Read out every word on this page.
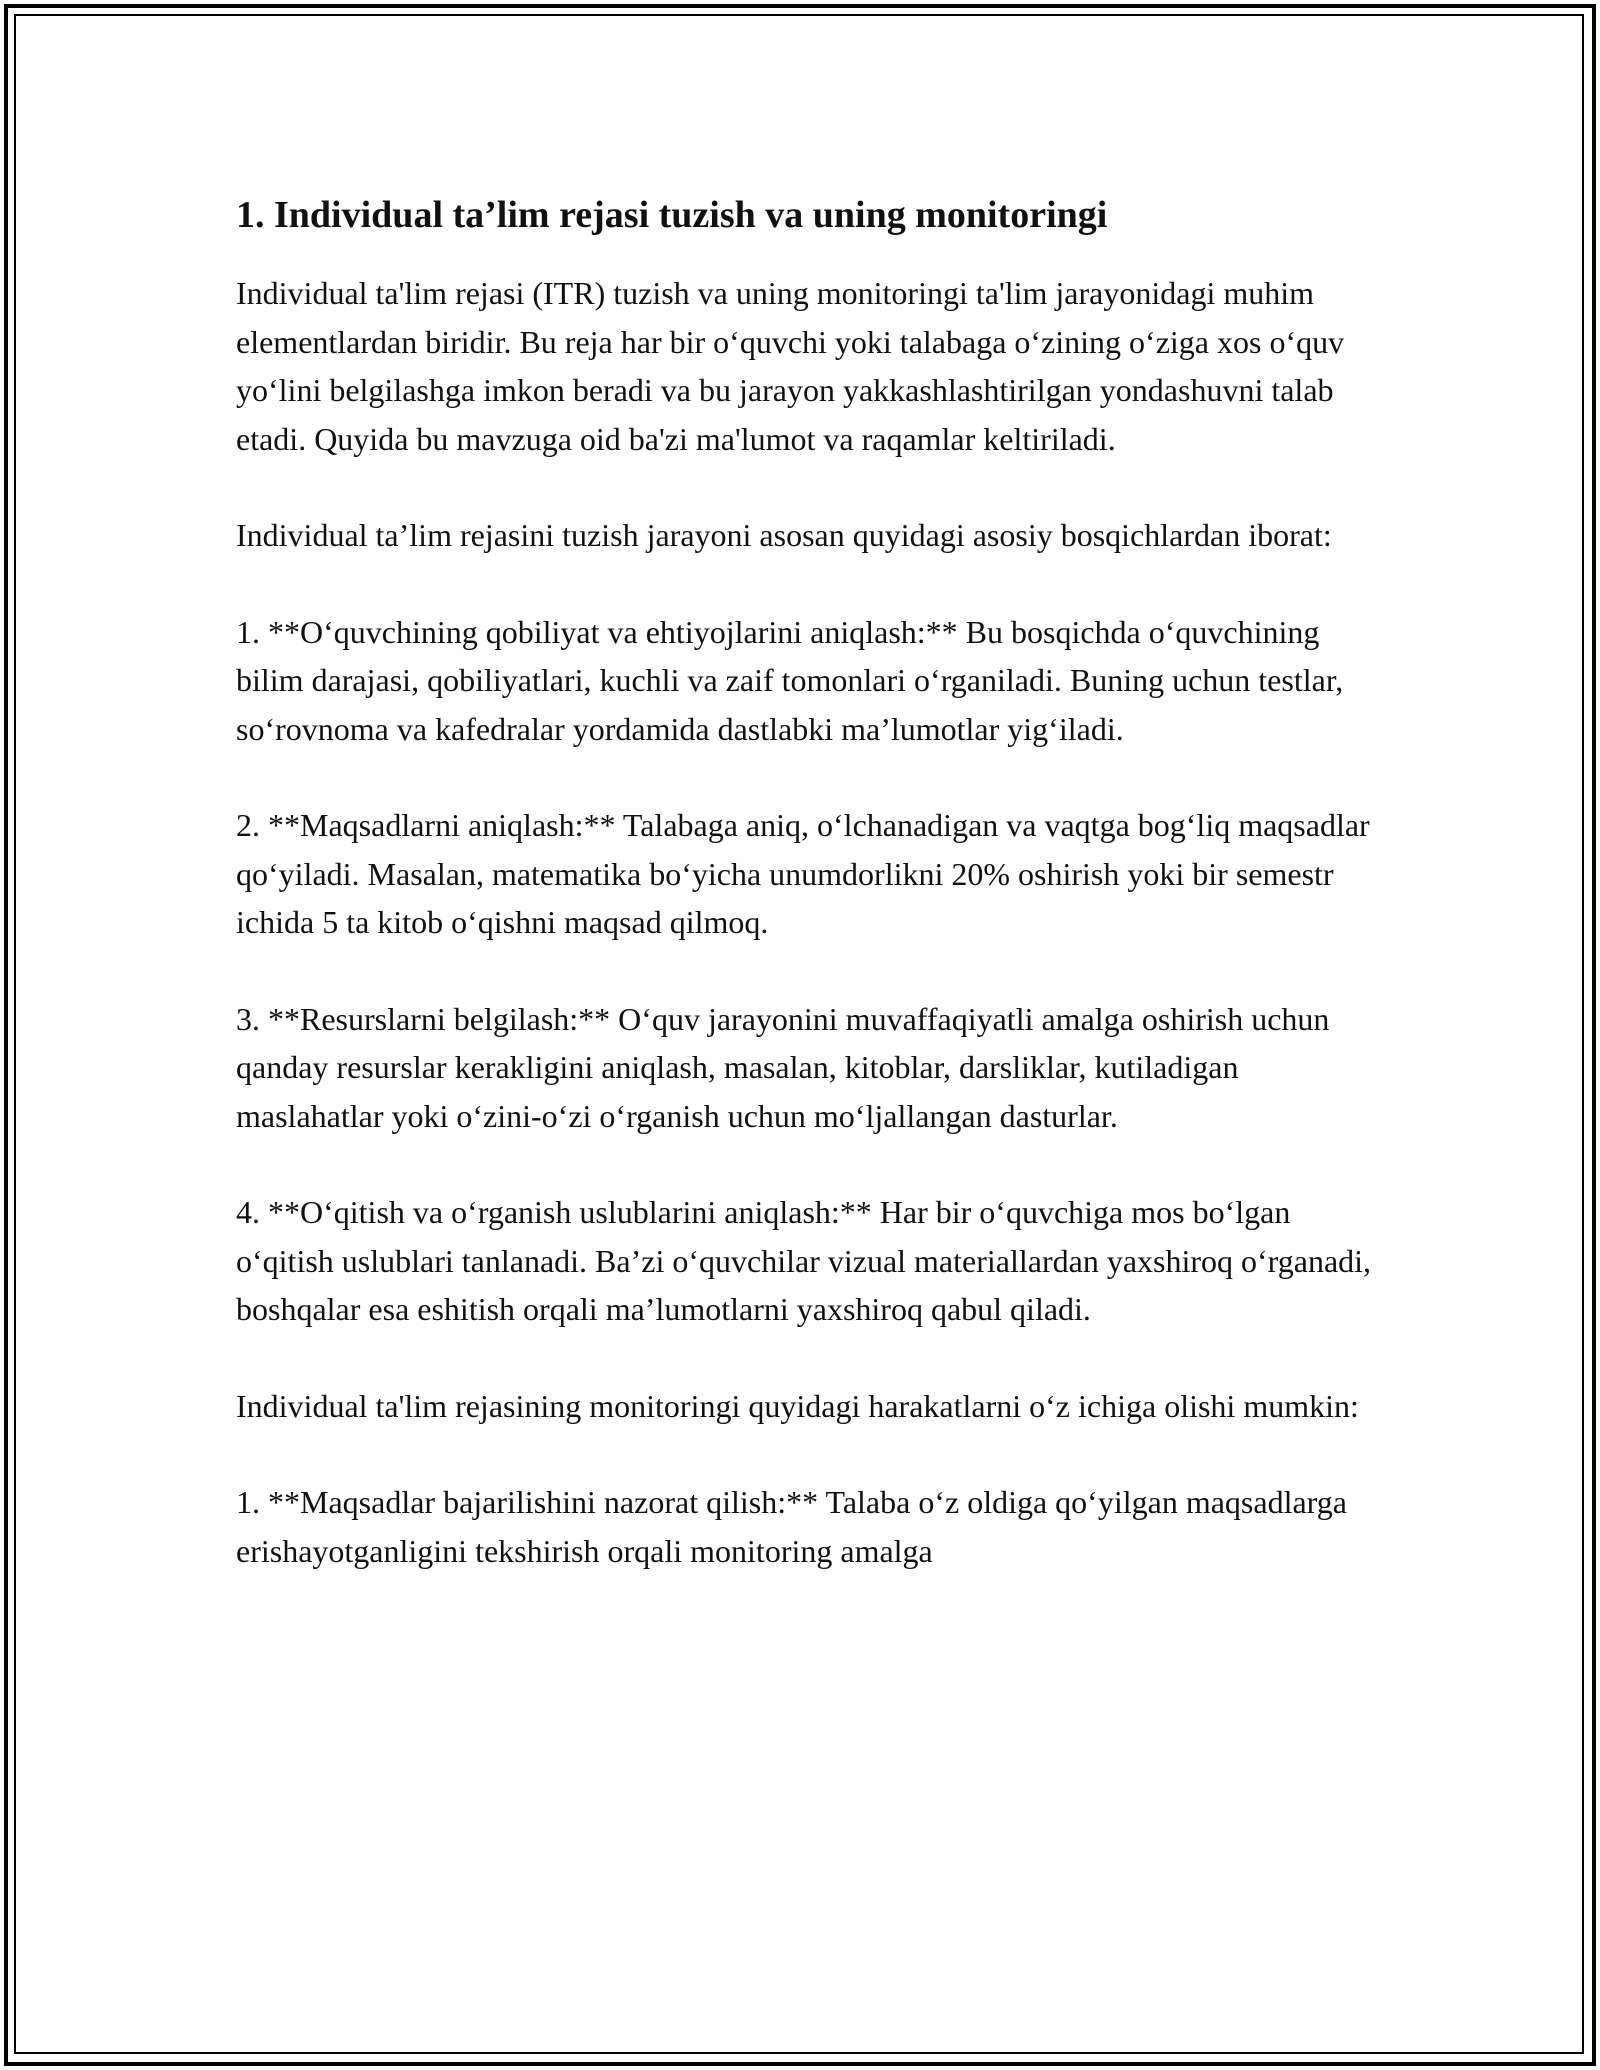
1. Individual ta’lim rejasi tuzish va uning monitoringi

Individual ta'lim rejasi (ITR) tuzish va uning monitoringi ta'lim jarayonidagi muhim elementlardan biridir. Bu reja har bir o‘quvchi yoki talabaga o‘zining o‘ziga xos o‘quv yo‘lini belgilashga imkon beradi va bu jarayon yakkashlashtirilgan yondashuvni talab etadi. Quyida bu mavzuga oid ba'zi ma'lumot va raqamlar keltiriladi.

Individual ta’lim rejasini tuzish jarayoni asosan quyidagi asosiy bosqichlardan iborat:

1. **O‘quvchining qobiliyat va ehtiyojlarini aniqlash:** Bu bosqichda o‘quvchining bilim darajasi, qobiliyatlari, kuchli va zaif tomonlari o‘rganiladi. Buning uchun testlar, so‘rovnoma va kafedralar yordamida dastlabki ma’lumotlar yig‘iladi.

2. **Maqsadlarni aniqlash:** Talabaga aniq, o‘lchanadigan va vaqtga bog‘liq maqsadlar qo‘yiladi. Masalan, matematika bo‘yicha unumdorlikni 20% oshirish yoki bir semestr ichida 5 ta kitob o‘qishni maqsad qilmoq.

3. **Resurslarni belgilash:** O‘quv jarayonini muvaffaqiyatli amalga oshirish uchun qanday resurslar kerakligini aniqlash, masalan, kitoblar, darsliklar, kutiladigan maslahatlar yoki o‘zini-o‘zi o‘rganish uchun mo‘ljallangan dasturlar.

4. **O‘qitish va o‘rganish uslublarini aniqlash:** Har bir o‘quvchiga mos bo‘lgan o‘qitish uslublari tanlanadi. Ba’zi o‘quvchilar vizual materiallardan yaxshiroq o‘rganadi, boshqalar esa eshitish orqali ma’lumotlarni yaxshiroq qabul qiladi.

Individual ta'lim rejasining monitoringi quyidagi harakatlarni o‘z ichiga olishi mumkin:

1. **Maqsadlar bajarilishini nazorat qilish:** Talaba o‘z oldiga qo‘yilgan maqsadlarga erishayotganligini tekshirish orqali monitoring amalga
